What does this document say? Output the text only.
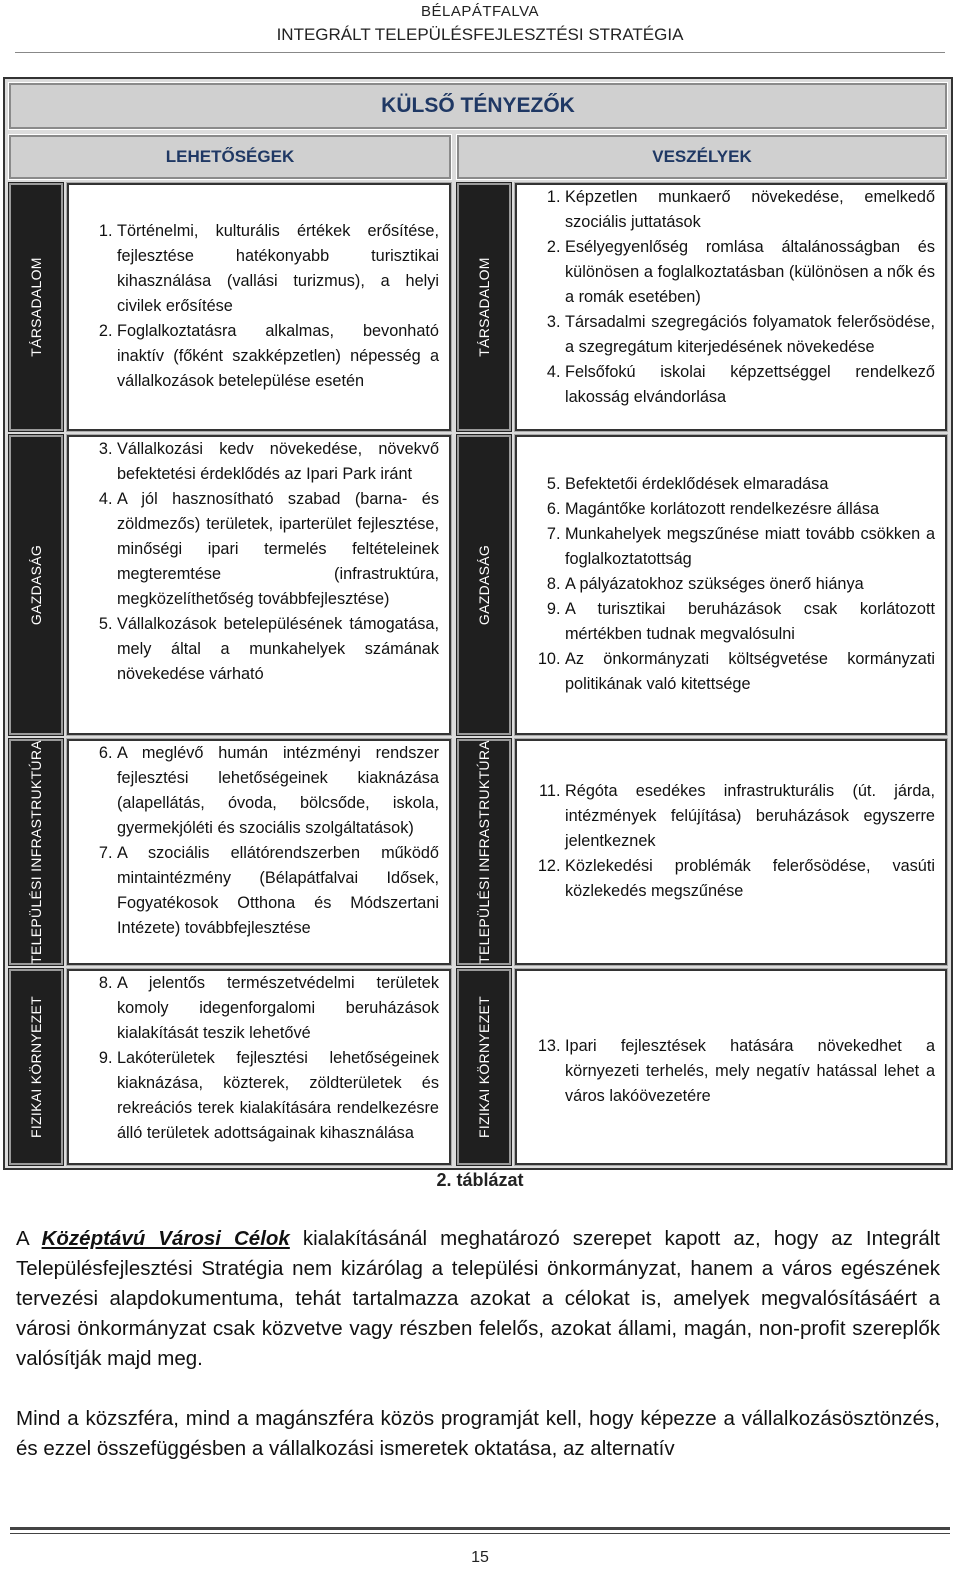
BÉLAPÁTFALVA
INTEGRÁLT TELEPÜLÉSFEJLESZTÉSI STRATÉGIA
KÜLSŐ TÉNYEZŐK
LEHETŐSÉGEK	VESZÉLYEK
TÁRSADALOM
GAZDASÁG
TELEPÜLÉSI INFRASTRUKTÚRA
FIZIKAI KÖRNYEZET
1. Történelmi, kulturális értékek erősítése, fejlesztése hatékonyabb turisztikai kihasználása (vallási turizmus), a helyi civilek erősítése
2. Foglalkoztatásra alkalmas, bevonható inaktív (főként szakképzetlen) népesség a vállalkozások betelepülése esetén
3. Vállalkozási kedv növekedése, növekvő befektetési érdeklődés az Ipari Park iránt
4. A jól hasznosítható szabad (barna- és zöldmezős) területek, iparterület fejlesztése, minőségi ipari termelés feltételeinek megteremtése (infrastruktúra, megközelíthetőség továbbfejlesztése)
5. Vállalkozások betelepülésének támogatása, mely által a munkahelyek számának növekedése várható
6. A meglévő humán intézményi rendszer fejlesztési lehetőségeinek kiaknázása (alapellátás, óvoda, bölcsőde, iskola, gyermekjóléti és szociális szolgáltatások)
7. A szociális ellátórendszerben működő mintaintézmény (Bélapátfalvai Idősek, Fogyatékosok Otthona és Módszertani Intézete) továbbfejlesztése
8. A jelentős természetvédelmi területek komoly idegenforgalomi beruházások kialakítását teszik lehetővé
9. Lakóterületek fejlesztési lehetőségeinek kiaknázása, közterek, zöldterületek és rekreációs terek kialakítására rendelkezésre álló területek adottságainak kihasználása
TÁRSADALOM
GAZDASÁG
TELEPÜLÉSI INFRASTRUKTÚRA
FIZIKAI KÖRNYEZET
1. Képzetlen munkaerő növekedése, emelkedő szociális juttatások
2. Esélyegyenlőség romlása általánosságban és különösen a foglalkoztatásban (különösen a nők és a romák esetében)
3. Társadalmi szegregációs folyamatok felerősödése, a szegregátum kiterjedésének növekedése
4. Felsőfokú iskolai képzettséggel rendelkező lakosság elvándorlása
5. Befektetői érdeklődések elmaradása
6. Magántőke korlátozott rendelkezésre állása
7. Munkahelyek megszűnése miatt tovább csökken a foglalkoztatottság
8. A pályázatokhoz szükséges önerő hiánya
9. A turisztikai beruházások csak korlátozott mértékben tudnak megvalósulni
10. Az önkormányzati költségvetése kormányzati politikának való kitettsége
11. Régóta esedékes infrastrukturális (út. járda, intézmények felújítása) beruházások egyszerre jelentkeznek
12. Közlekedési problémák felerősödése, vasúti közlekedés megszűnése
13. Ipari fejlesztések hatására növekedhet a környezeti terhelés, mely negatív hatással lehet a város lakóövezetére
2. táblázat

A Középtávú Városi Célok kialakításánál meghatározó szerepet kapott az, hogy az Integrált Településfejlesztési Stratégia nem kizárólag a települési önkormányzat, hanem a város egészének tervezési alapdokumentuma, tehát tartalmazza azokat a célokat is, amelyek megvalósításáért a városi önkormányzat csak közvetve vagy részben felelős, azokat állami, magán, non-profit szereplők valósítják majd meg.

Mind a közszféra, mind a magánszféra közös programját kell, hogy képezze a vállalkozásösztönzés, és ezzel összefüggésben a vállalkozási ismeretek oktatása, az alternatív

15
